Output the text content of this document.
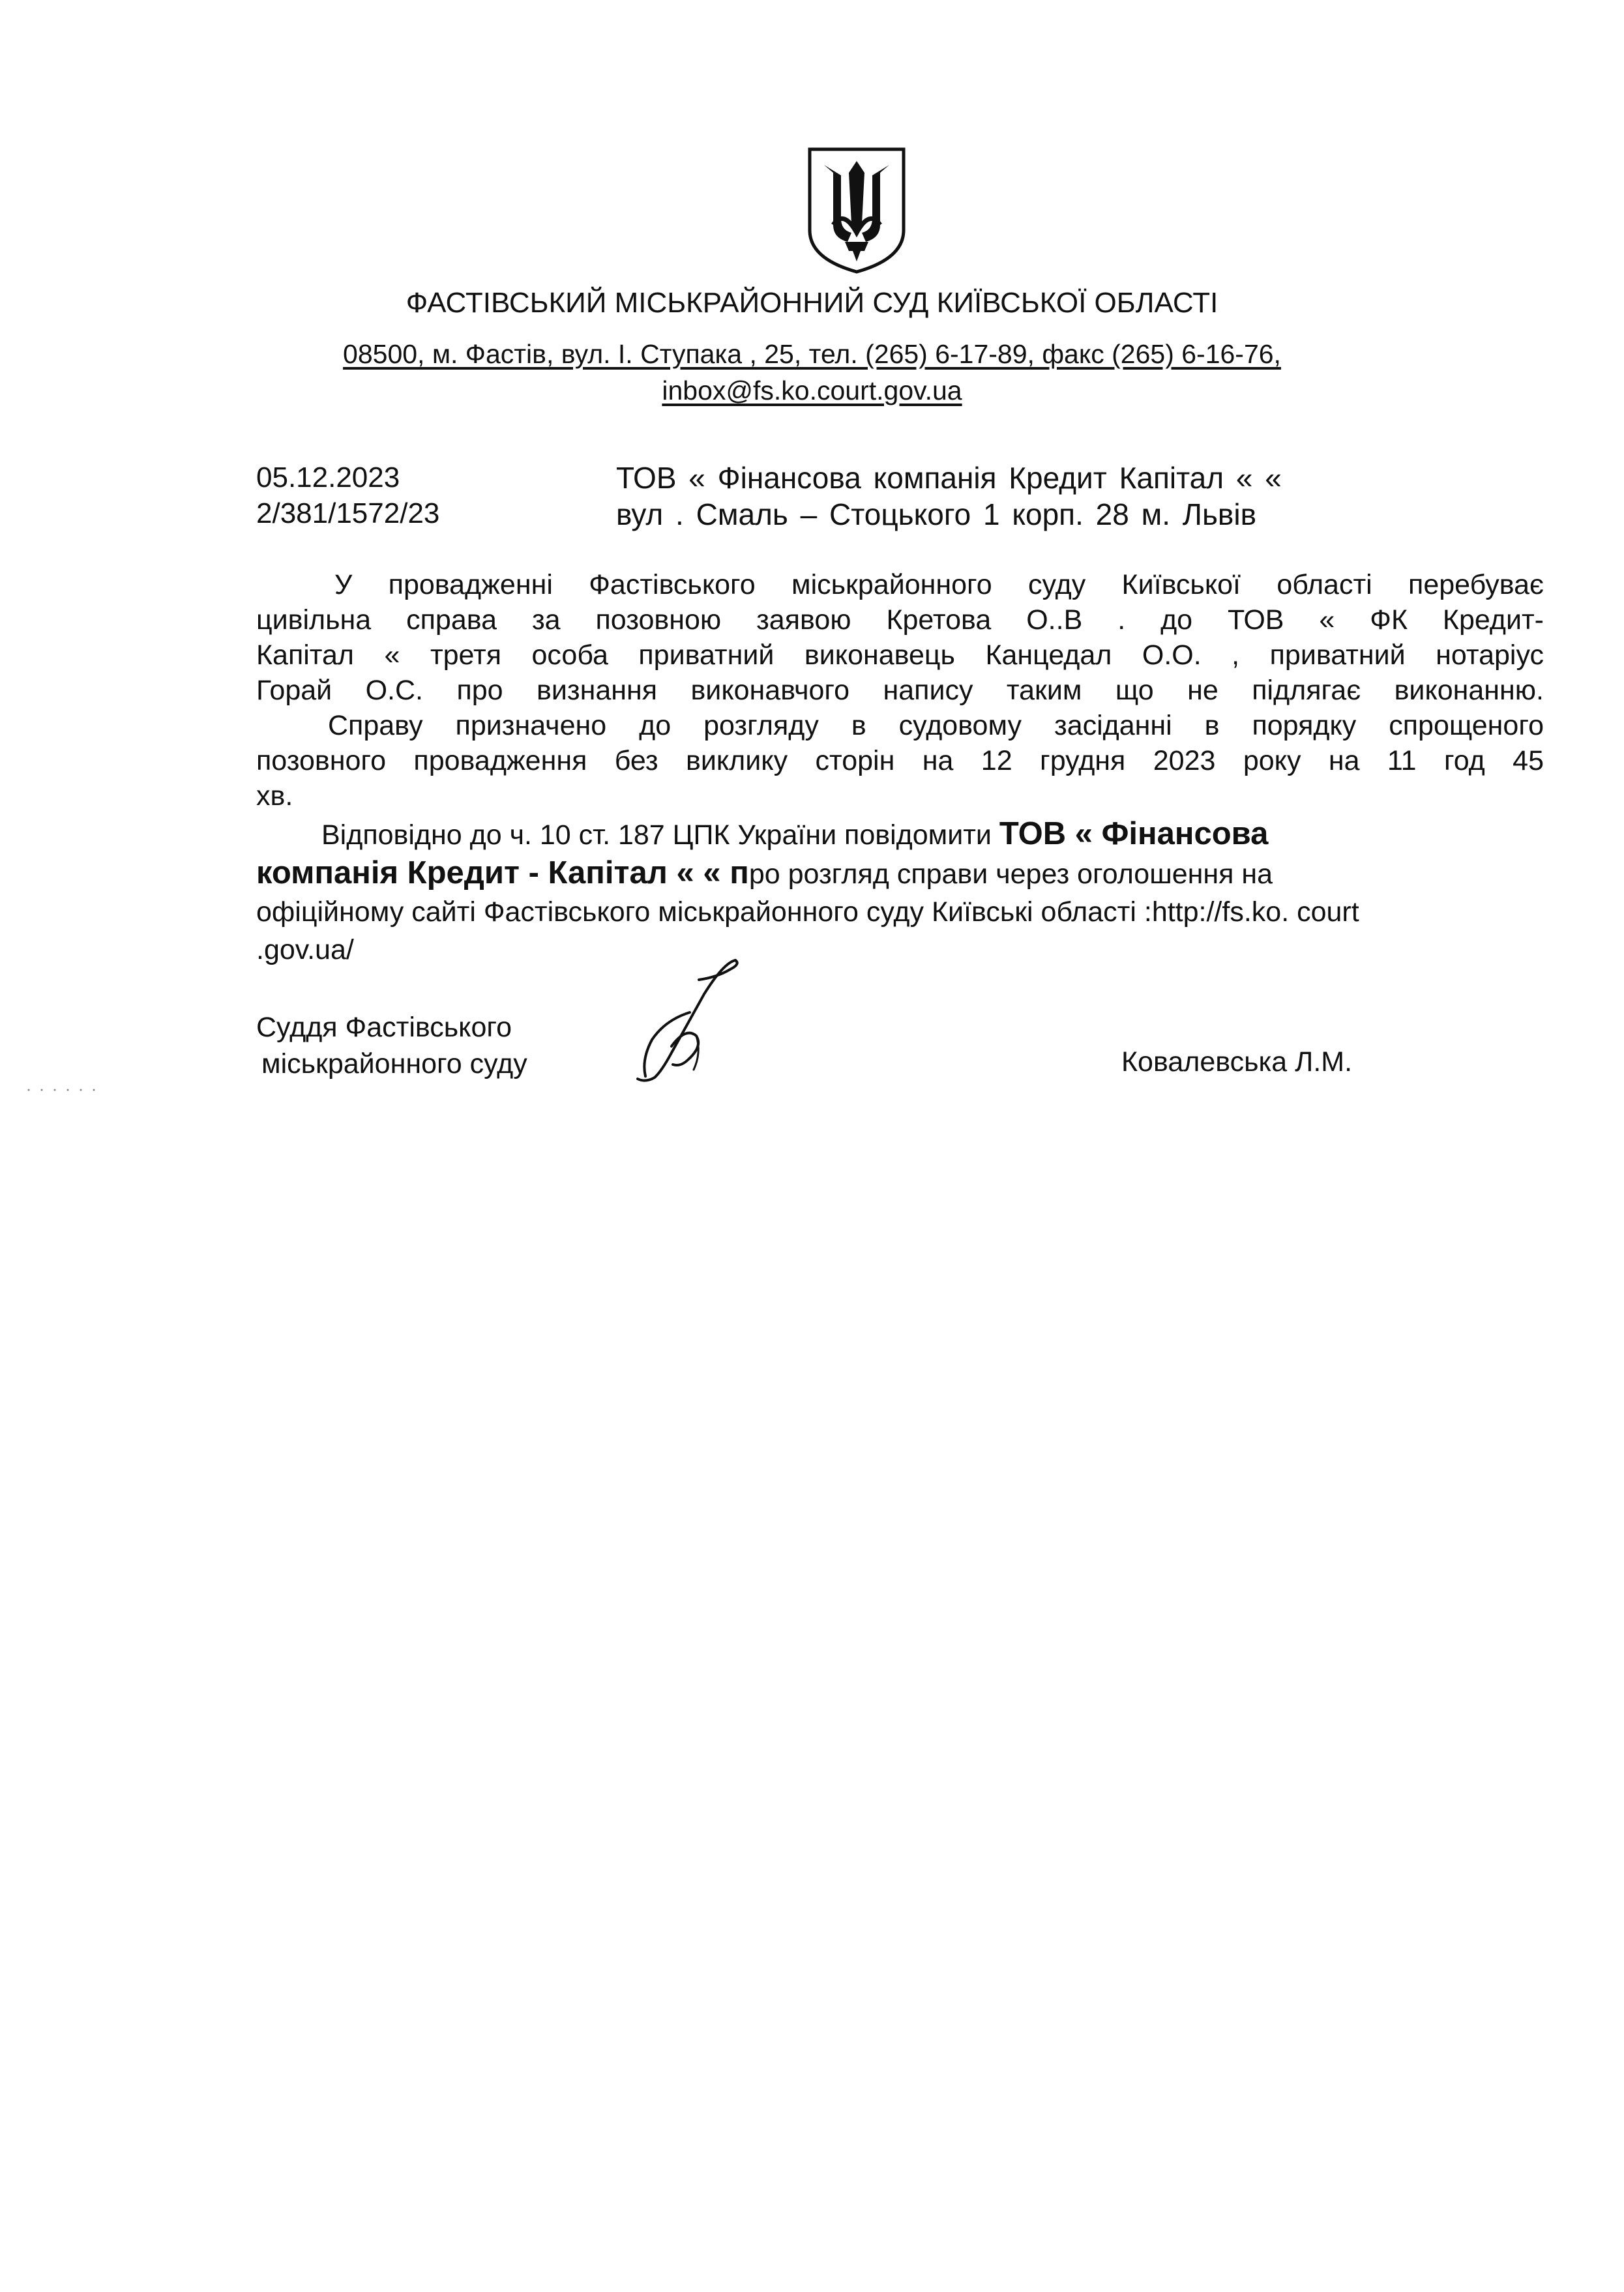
ФАСТІВСЬКИЙ МІСЬКРАЙОННИЙ СУД КИЇВСЬКОЇ ОБЛАСТІ
08500, м. Фастів, вул. І. Ступака , 25, тел. (265) 6-17-89, факс (265) 6-16-76,
inbox@fs.ko.court.gov.ua
05.12.2023
2/381/1572/23
ТОВ « Фінансова компанія Кредит Капітал « «
вул . Смаль – Стоцького 1 корп. 28 м. Львів
У провадженні Фастівського міськрайонного суду Київської області перебуває
цивільна справа за позовною заявою Кретова О..В . до ТОВ « ФК Кредит-
Капітал « третя особа приватний виконавець Канцедал О.О. , приватний нотаріус
Горай О.С. про визнання виконавчого напису таким що не підлягає виконанню.
Справу призначено до розгляду в судовому засіданні в порядку спрощеного
позовного провадження без виклику сторін на 12 грудня 2023 року на 11 год 45
хв.
Відповідно до ч. 10 ст. 187 ЦПК України повідомити ТОВ « Фінансова
компанія Кредит - Капітал « « про розгляд справи через оголошення на
офіційному сайті Фастівського міськрайонного суду Київські області :http://fs.ko. court
.gov.ua/
Суддя Фастівського
міськрайонного суду	Ковалевська Л.М.
